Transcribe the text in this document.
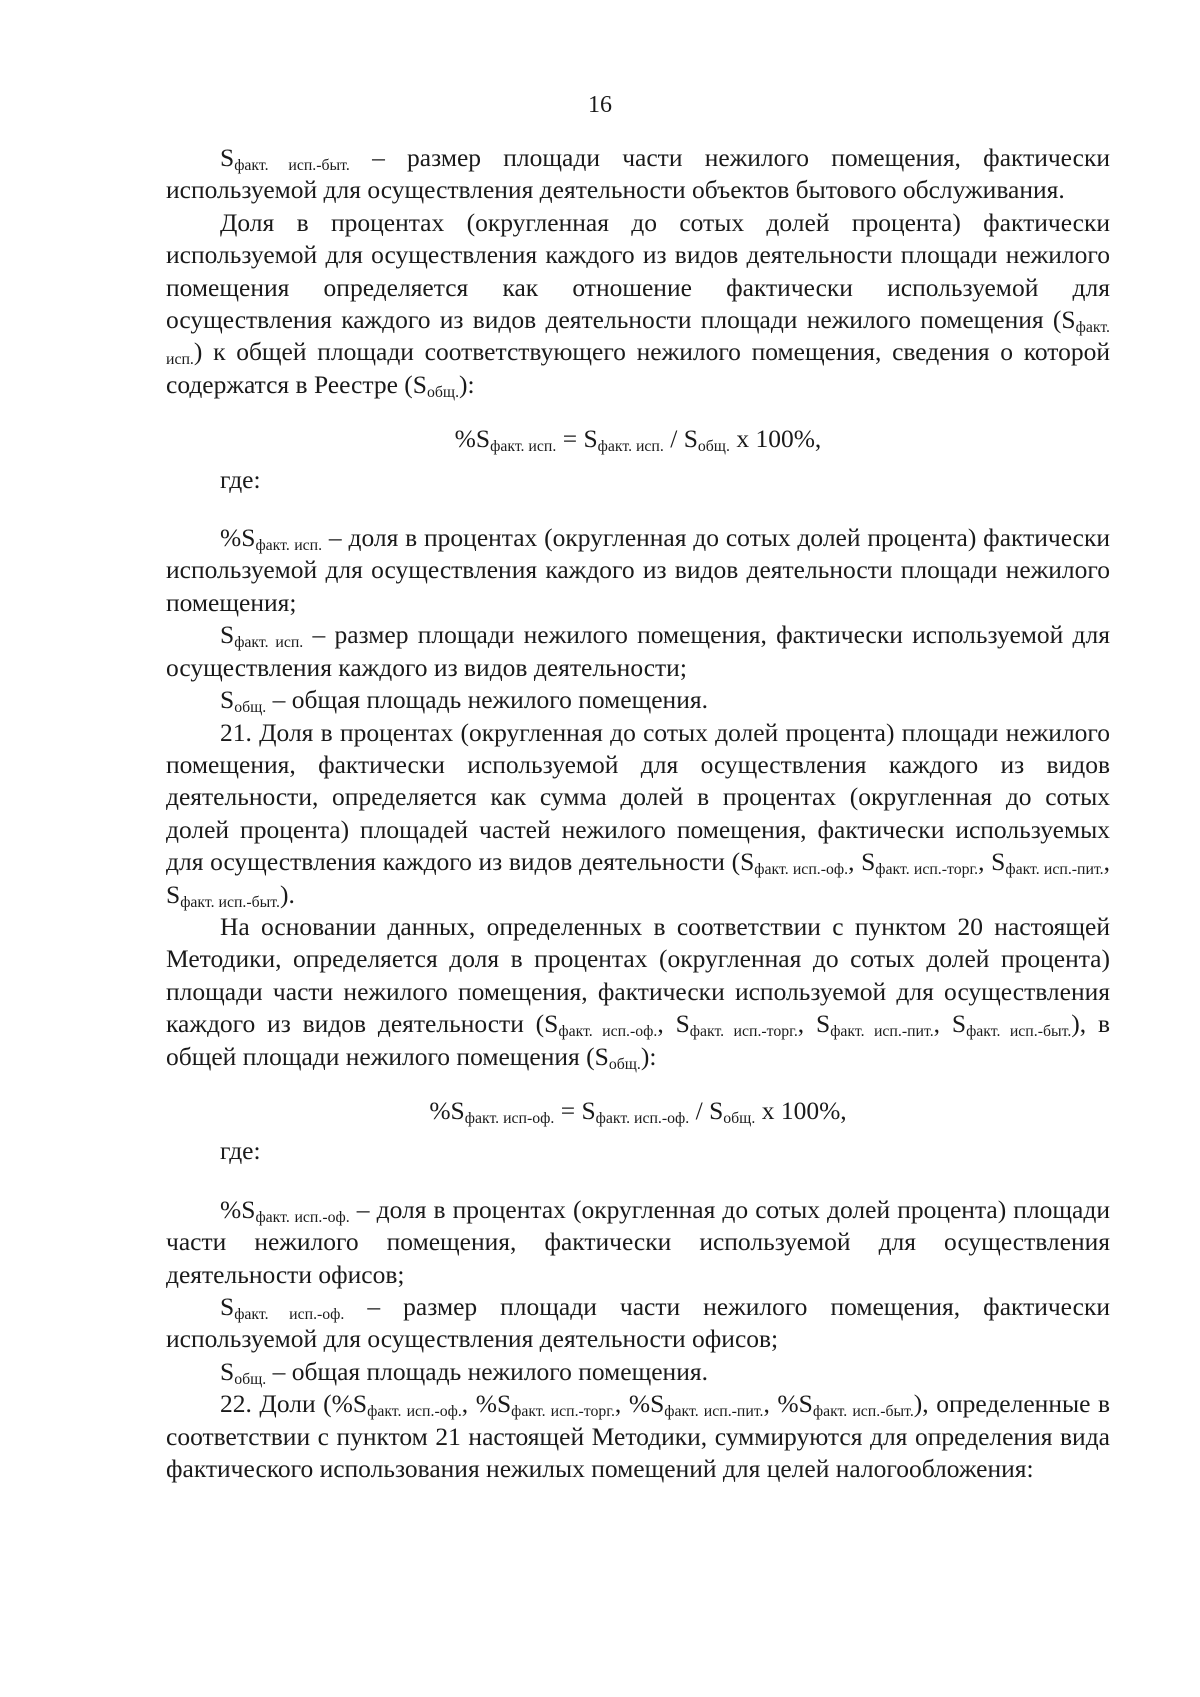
16

$S_{факт. исп.-быт.}$ – размер площади части нежилого помещения, фактически используемой для осуществления деятельности объектов бытового обслуживания.

Доля в процентах (округленная до сотых долей процента) фактически используемой для осуществления каждого из видов деятельности площади нежилого помещения определяется как отношение фактически используемой для осуществления каждого из видов деятельности площади нежилого помещения $(S_{факт. исп.})$ к общей площади соответствующего нежилого помещения, сведения о которой содержатся в Реестре $(S_{общ.})$:

$\%S_{факт. исп.} = S_{факт. исп.} / S_{общ.}$ х 100%,

где:

$\%S_{факт. исп.}$ – доля в процентах (округленная до сотых долей процента) фактически используемой для осуществления каждого из видов деятельности площади нежилого помещения;

$S_{факт. исп.}$ – размер площади нежилого помещения, фактически используемой для осуществления каждого из видов деятельности;

$S_{общ.}$ – общая площадь нежилого помещения.

21. Доля в процентах (округленная до сотых долей процента) площади нежилого помещения, фактически используемой для осуществления каждого из видов деятельности, определяется как сумма долей в процентах (округленная до сотых долей процента) площадей частей нежилого помещения, фактически используемых для осуществления каждого из видов деятельности ($S_{факт. исп.-оф.}$, $S_{факт. исп.-торг.}$, $S_{факт. исп.-пит.}$, $S_{факт. исп.-быт.}$).

На основании данных, определенных в соответствии с пунктом 20 настоящей Методики, определяется доля в процентах (округленная до сотых долей процента) площади части нежилого помещения, фактически используемой для осуществления каждого из видов деятельности ($S_{факт. исп.-оф.}$, $S_{факт. исп.-торг.}$, $S_{факт. исп.-пит.}$, $S_{факт. исп.-быт.}$), в общей площади нежилого помещения $(S_{общ.})$:

$\%S_{факт. исп-оф.} = S_{факт. исп.-оф.} / S_{общ.}$ х 100%,

где:

$\%S_{факт. исп.-оф.}$ – доля в процентах (округленная до сотых долей процента) площади части нежилого помещения, фактически используемой для осуществления деятельности офисов;

$S_{факт. исп.-оф.}$ – размер площади части нежилого помещения, фактически используемой для осуществления деятельности офисов;

$S_{общ.}$ – общая площадь нежилого помещения.

22. Доли ($\%S_{факт. исп.-оф.}$, $\%S_{факт. исп.-торг.}$, $\%S_{факт. исп.-пит.}$, $\%S_{факт. исп.-быт.}$), определенные в соответствии с пунктом 21 настоящей Методики, суммируются для определения вида фактического использования нежилых помещений для целей налогообложения:
